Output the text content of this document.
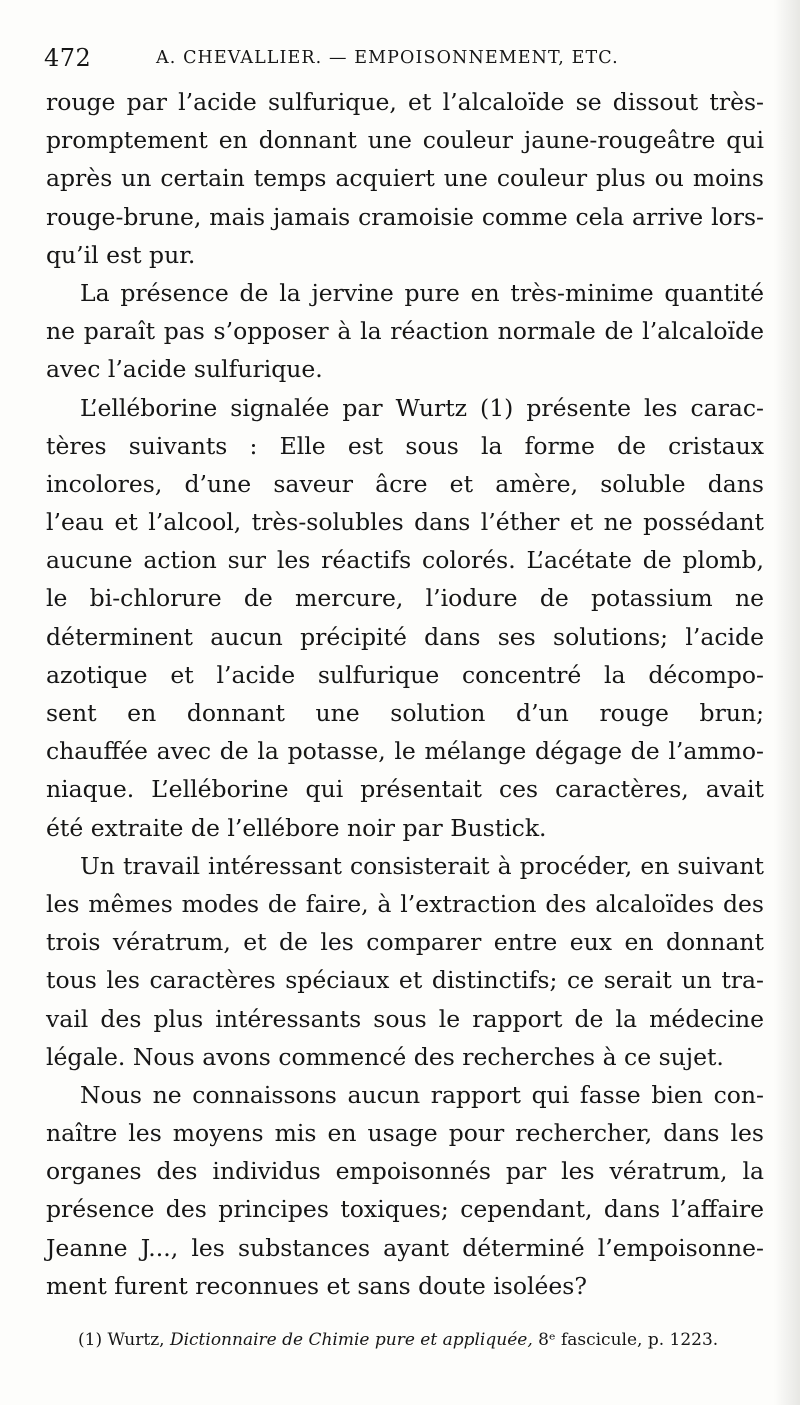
472	A. CHEVALLIER. — EMPOISONNEMENT, ETC.
rouge par l’acide sulfurique, et l’alcaloïde se dissout très-
promptement en donnant une couleur jaune-rougeâtre qui
après un certain temps acquiert une couleur plus ou moins
rouge-brune, mais jamais cramoisie comme cela arrive lors-
qu’il est pur.
La présence de la jervine pure en très-minime quantité
ne paraît pas s’opposer à la réaction normale de l’alcaloïde
avec l’acide sulfurique.
L’elléborine signalée par Wurtz (1) présente les carac-
tères suivants : Elle est sous la forme de cristaux
incolores, d’une saveur âcre et amère, soluble dans
l’eau et l’alcool, très-solubles dans l’éther et ne possédant
aucune action sur les réactifs colorés. L’acétate de plomb,
le bi-chlorure de mercure, l’iodure de potassium ne
déterminent aucun précipité dans ses solutions; l’acide
azotique et l’acide sulfurique concentré la décompo-
sent en donnant une solution d’un rouge brun;
chauffée avec de la potasse, le mélange dégage de l’ammo-
niaque. L’elléborine qui présentait ces caractères, avait
été extraite de l’ellébore noir par Bustick.
Un travail intéressant consisterait à procéder, en suivant
les mêmes modes de faire, à l’extraction des alcaloïdes des
trois vératrum, et de les comparer entre eux en donnant
tous les caractères spéciaux et distinctifs; ce serait un tra-
vail des plus intéressants sous le rapport de la médecine
légale. Nous avons commencé des recherches à ce sujet.
Nous ne connaissons aucun rapport qui fasse bien con-
naître les moyens mis en usage pour rechercher, dans les
organes des individus empoisonnés par les vératrum, la
présence des principes toxiques; cependant, dans l’affaire
Jeanne J..., les substances ayant déterminé l’empoisonne-
ment furent reconnues et sans doute isolées?
(1) Wurtz, Dictionnaire de Chimie pure et appliquée, 8ᵉ fascicule, p. 1223.
